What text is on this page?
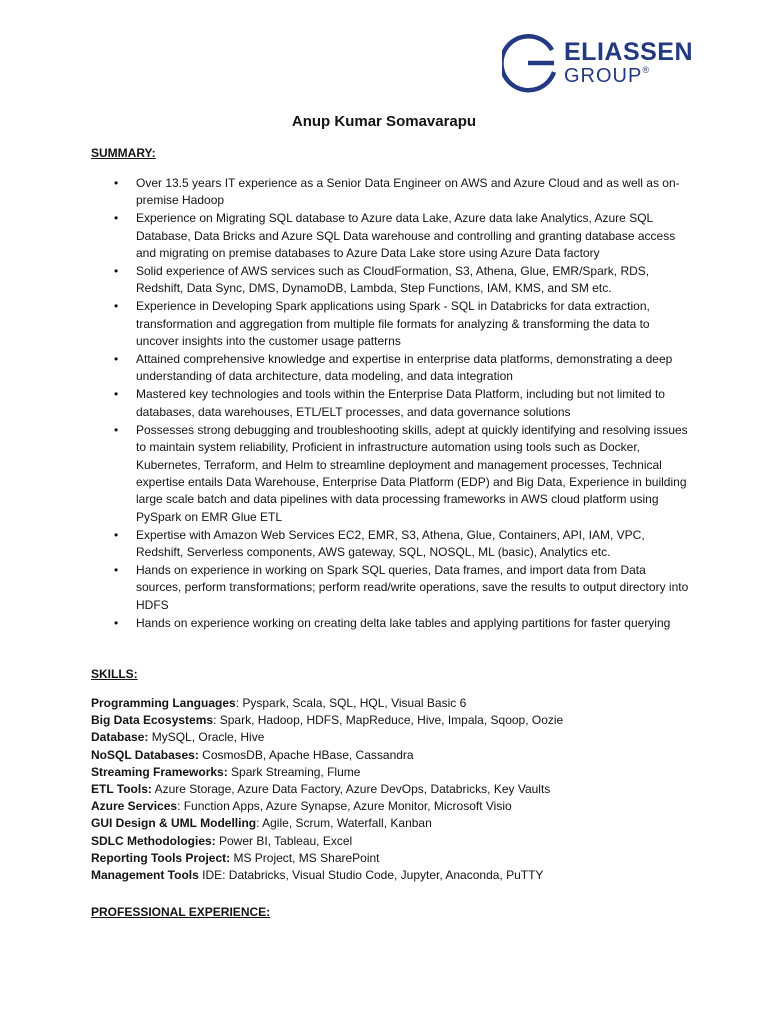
ELIASSEN
GROUP®
Anup Kumar Somavarapu
SUMMARY:
• Over 13.5 years IT experience as a Senior Data Engineer on AWS and Azure Cloud and as well as on-premise Hadoop
• Experience on Migrating SQL database to Azure data Lake, Azure data lake Analytics, Azure SQL Database, Data Bricks and Azure SQL Data warehouse and controlling and granting database access and migrating on premise databases to Azure Data Lake store using Azure Data factory
• Solid experience of AWS services such as CloudFormation, S3, Athena, Glue, EMR/Spark, RDS, Redshift, Data Sync, DMS, DynamoDB, Lambda, Step Functions, IAM, KMS, and SM etc.
• Experience in Developing Spark applications using Spark - SQL in Databricks for data extraction, transformation and aggregation from multiple file formats for analyzing & transforming the data to uncover insights into the customer usage patterns
• Attained comprehensive knowledge and expertise in enterprise data platforms, demonstrating a deep understanding of data architecture, data modeling, and data integration
• Mastered key technologies and tools within the Enterprise Data Platform, including but not limited to databases, data warehouses, ETL/ELT processes, and data governance solutions
• Possesses strong debugging and troubleshooting skills, adept at quickly identifying and resolving issues to maintain system reliability, Proficient in infrastructure automation using tools such as Docker, Kubernetes, Terraform, and Helm to streamline deployment and management processes, Technical expertise entails Data Warehouse, Enterprise Data Platform (EDP) and Big Data, Experience in building large scale batch and data pipelines with data processing frameworks in AWS cloud platform using PySpark on EMR Glue ETL
• Expertise with Amazon Web Services EC2, EMR, S3, Athena, Glue, Containers, API, IAM, VPC, Redshift, Serverless components, AWS gateway, SQL, NOSQL, ML (basic), Analytics etc.
• Hands on experience in working on Spark SQL queries, Data frames, and import data from Data sources, perform transformations; perform read/write operations, save the results to output directory into HDFS
• Hands on experience working on creating delta lake tables and applying partitions for faster querying
SKILLS:
Programming Languages: Pyspark, Scala, SQL, HQL, Visual Basic 6
Big Data Ecosystems: Spark, Hadoop, HDFS, MapReduce, Hive, Impala, Sqoop, Oozie
Database: MySQL, Oracle, Hive
NoSQL Databases: CosmosDB, Apache HBase, Cassandra
Streaming Frameworks: Spark Streaming, Flume
ETL Tools: Azure Storage, Azure Data Factory, Azure DevOps, Databricks, Key Vaults
Azure Services: Function Apps, Azure Synapse, Azure Monitor, Microsoft Visio
GUI Design & UML Modelling: Agile, Scrum, Waterfall, Kanban
SDLC Methodologies: Power BI, Tableau, Excel
Reporting Tools Project: MS Project, MS SharePoint
Management Tools IDE: Databricks, Visual Studio Code, Jupyter, Anaconda, PuTTY
PROFESSIONAL EXPERIENCE:
